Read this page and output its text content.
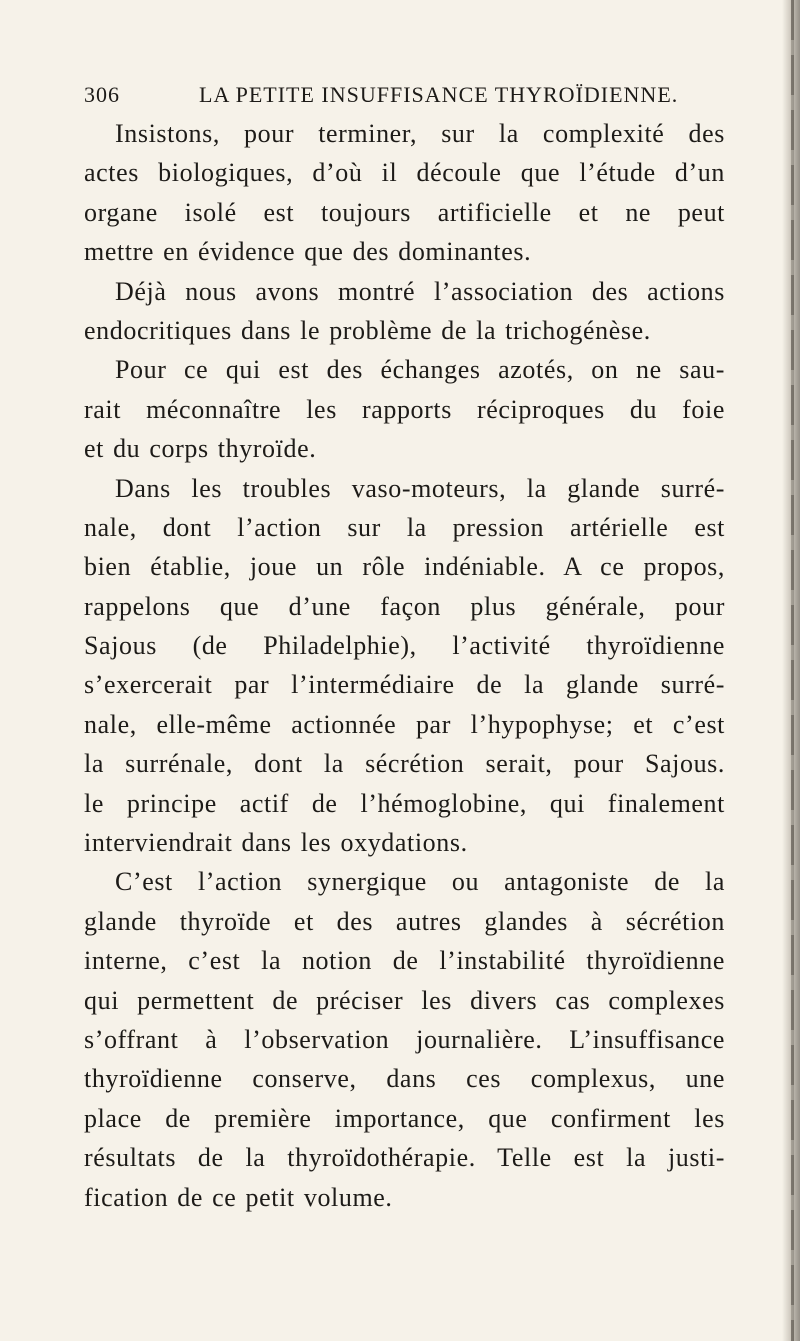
306	LA PETITE INSUFFISANCE THYROÏDIENNE.
Insistons, pour terminer, sur la complexité des
actes biologiques, d’où il découle que l’étude d’un
organe isolé est toujours artificielle et ne peut
mettre en évidence que des dominantes.
Déjà nous avons montré l’association des actions
endocritiques dans le problème de la trichogénèse.
Pour ce qui est des échanges azotés, on ne sau-
rait méconnaître les rapports réciproques du foie
et du corps thyroïde.
Dans les troubles vaso-moteurs, la glande surré-
nale, dont l’action sur la pression artérielle est
bien établie, joue un rôle indéniable. A ce propos,
rappelons que d’une façon plus générale, pour
Sajous (de Philadelphie), l’activité thyroïdienne
s’exercerait par l’intermédiaire de la glande surré-
nale, elle-même actionnée par l’hypophyse; et c’est
la surrénale, dont la sécrétion serait, pour Sajous.
le principe actif de l’hémoglobine, qui finalement
interviendrait dans les oxydations.
C’est l’action synergique ou antagoniste de la
glande thyroïde et des autres glandes à sécrétion
interne, c’est la notion de l’instabilité thyroïdienne
qui permettent de préciser les divers cas complexes
s’offrant à l’observation journalière. L’insuffisance
thyroïdienne conserve, dans ces complexus, une
place de première importance, que confirment les
résultats de la thyroïdothérapie. Telle est la justi-
fication de ce petit volume.
